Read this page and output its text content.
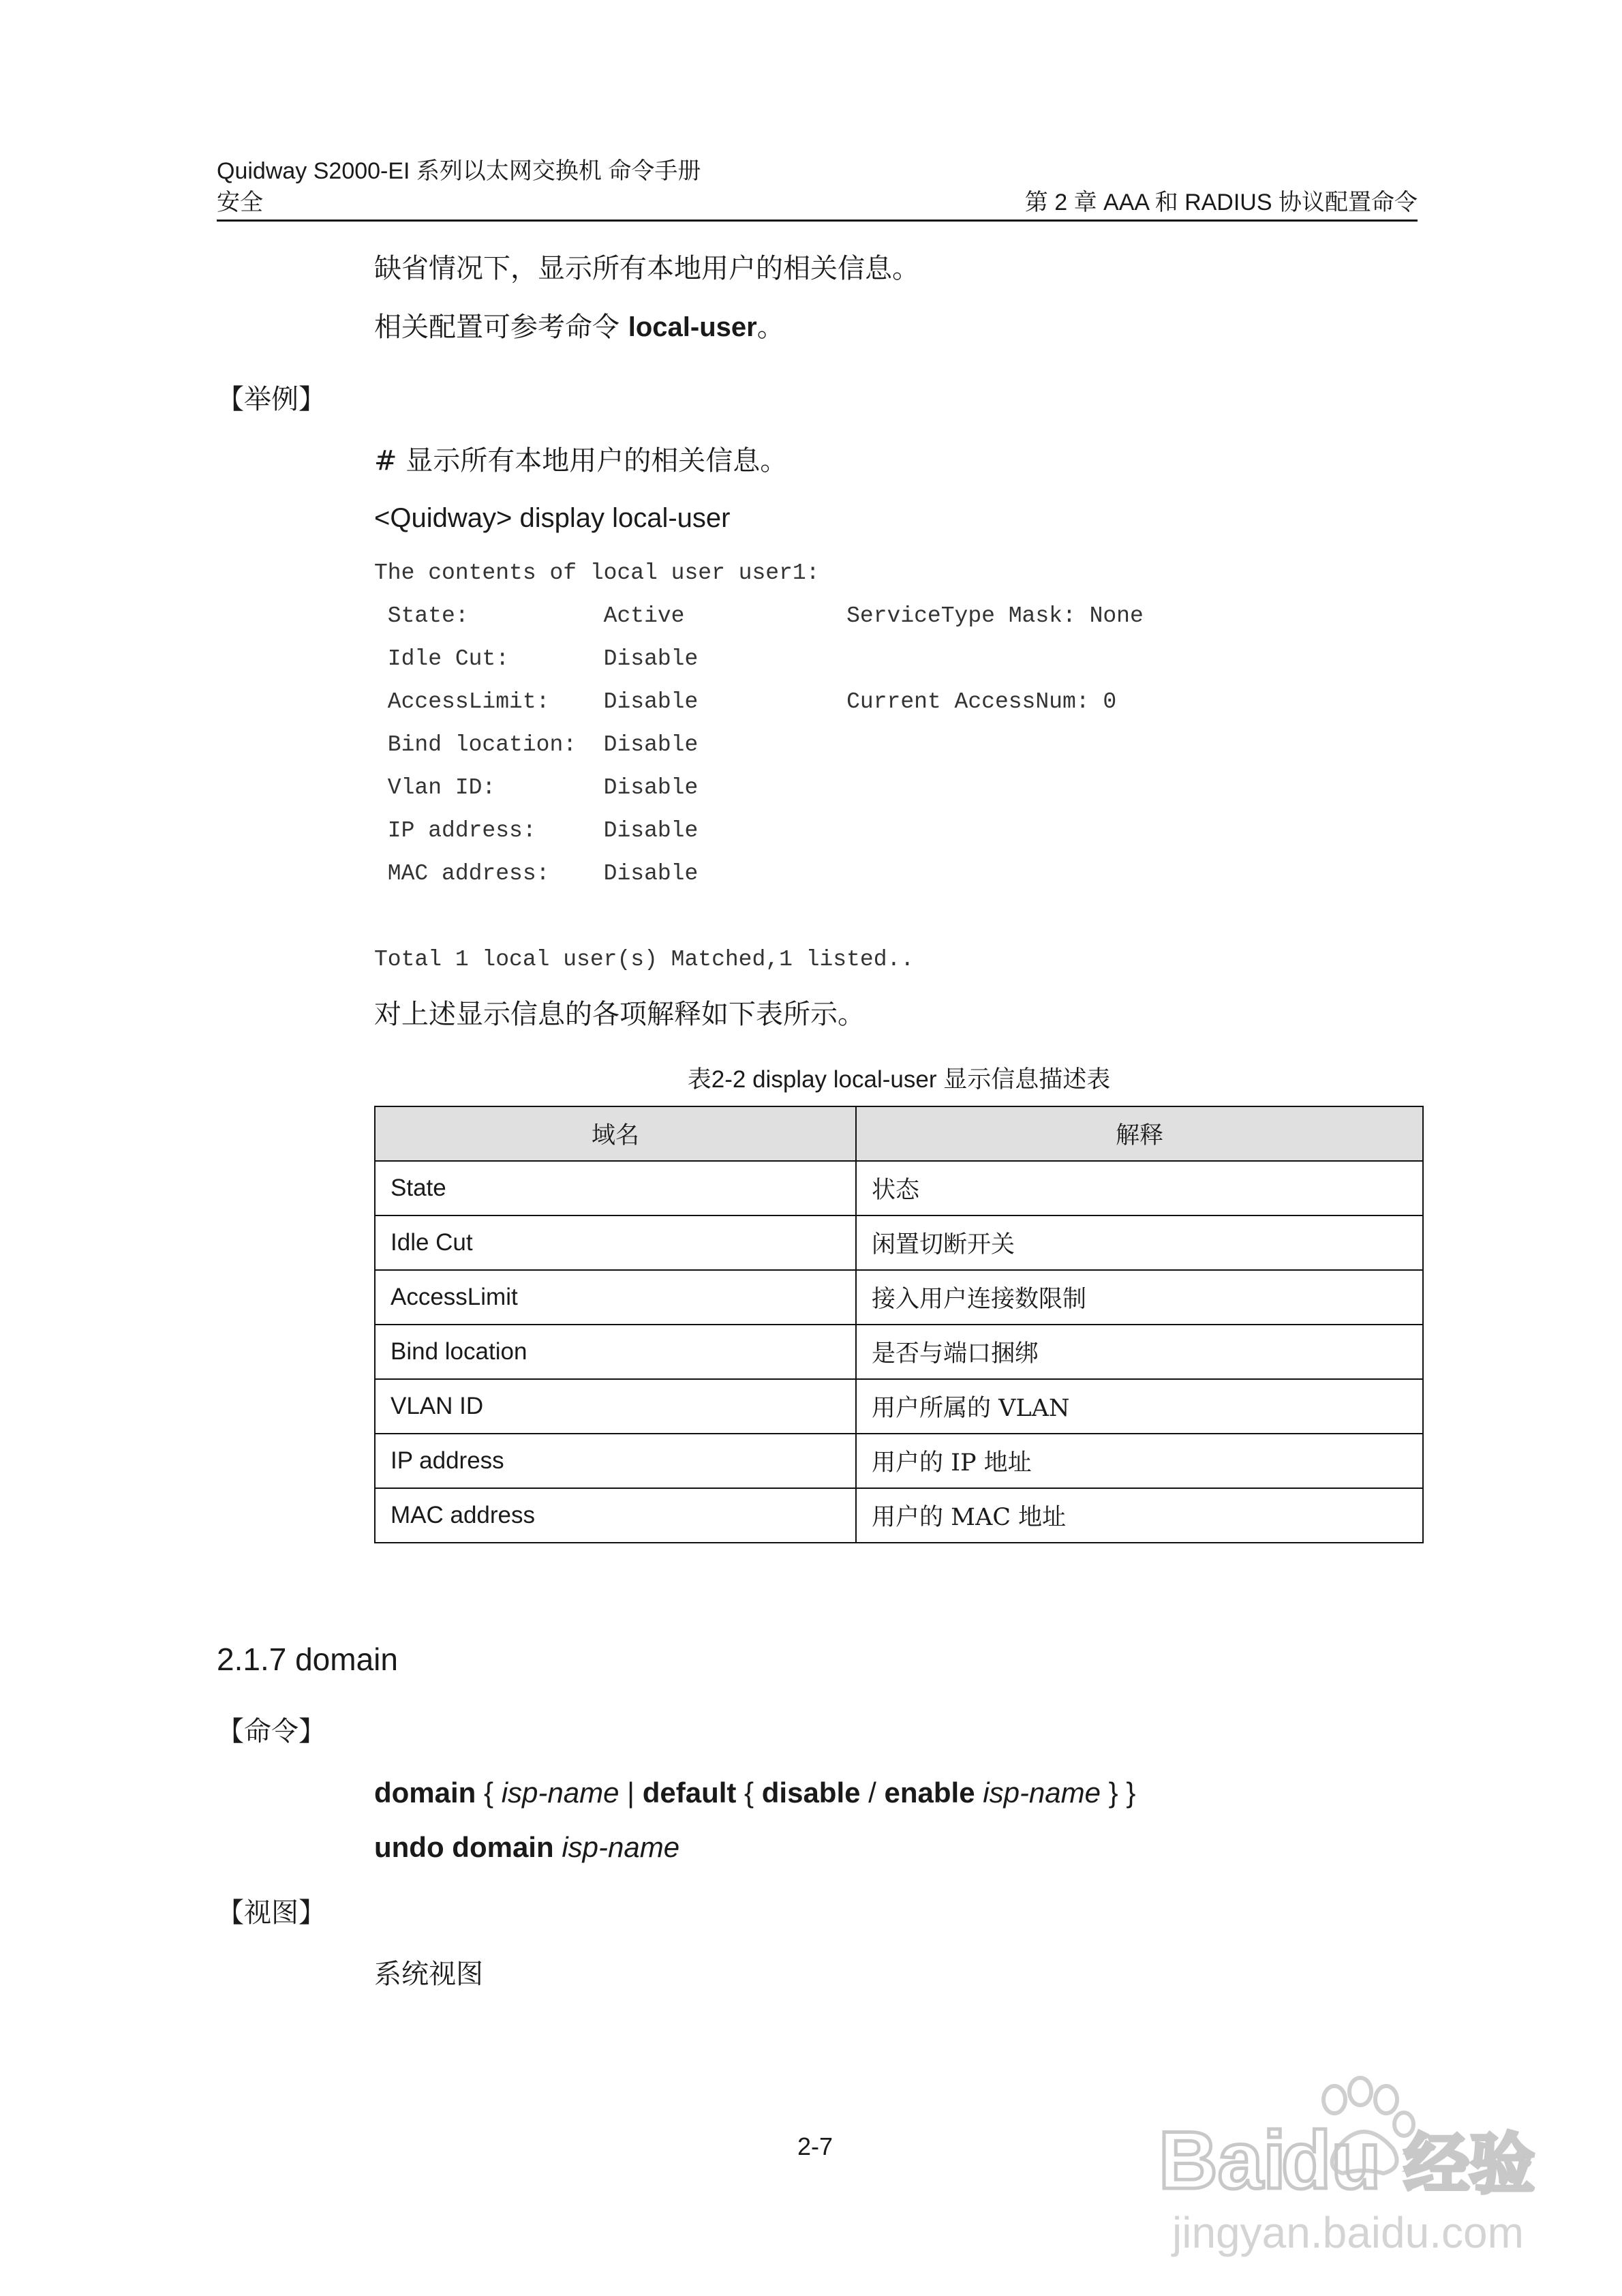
Quidway S2000-EI 系列以太网交换机 命令手册
安全	第 2 章 AAA 和 RADIUS 协议配置命令
缺省情况下，显示所有本地用户的相关信息。
相关配置可参考命令 local-user。
【举例】
# 显示所有本地用户的相关信息。
<Quidway> display local-user
The contents of local user user1:
State:          Active            ServiceType Mask: None
Idle Cut:       Disable
AccessLimit:    Disable           Current AccessNum: 0
Bind location:  Disable
Vlan ID:        Disable
IP address:     Disable
MAC address:    Disable
Total 1 local user(s) Matched,1 listed..
对上述显示信息的各项解释如下表所示。
表2-2 display local-user 显示信息描述表
域名	解释
State	状态
Idle Cut	闲置切断开关
AccessLimit	接入用户连接数限制
Bind location	是否与端口捆绑
VLAN ID	用户所属的 VLAN
IP address	用户的 IP 地址
MAC address	用户的 MAC 地址
2.1.7 domain
【命令】
domain { isp-name | default { disable / enable isp-name } }
undo domain isp-name
【视图】
系统视图
2-7	Bai
du 经验
jingyan.baidu.com
